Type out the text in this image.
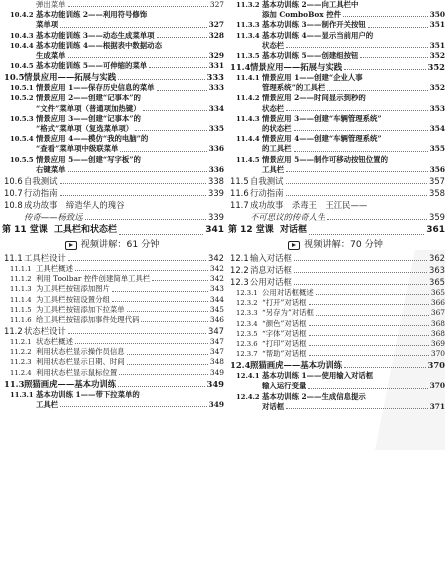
弹出菜单	327
10.4.2 基本功能训练 2——利用符号修饰
菜单项	327
10.4.3 基本功能训练 3——动态生成菜单项	328
10.4.4 基本功能训练 4——根据表中数据动态
生成菜单	329
10.4.5 基本功能训练 5——可伸缩的菜单	331
10.5 情景应用——拓展与实践	333
10.5.1 情景应用 1——保存历史信息的菜单	333
10.5.2 情景应用 2——创建“记事本”的
“文件”菜单项（普通项加热键）	334
10.5.3 情景应用 3——创建“记事本”的
“格式”菜单项（复选菜单项）	335
10.5.4 情景应用 4——模仿“我的电脑”的
“查看”菜单项中级联菜单	336
10.5.5 情景应用 5——创建“写字板”的
右键菜单	336
10.6 自我测试	338
10.7 行动指南	339
10.8 成功故事　缔造华人的瑰谷
传奇——杨致远	339
第 11 堂课 工具栏和状态栏	341
视频讲解：61 分钟
11.1 工具栏设计	342
11.1.1 工具栏概述	342
11.1.2 利用 Toolbar 控件创建简单工具栏	342
11.1.3 为工具栏按钮添加图片	343
11.1.4 为工具栏按钮设置分组	344
11.1.5 为工具栏按钮添加下拉菜单	345
11.1.6 给工具栏按钮添加事件处理代码	346
11.2 状态栏设计	347
11.2.1 状态栏概述	347
11.2.2 利用状态栏显示操作员信息	347
11.2.3 利用状态栏显示日期、时间	348
11.2.4 利用状态栏显示鼠标位置	349
11.3 照猫画虎——基本功训练	349
11.3.1 基本功训练 1——带下拉菜单的
工具栏	349
11.3.2 基本功训练 2——向工具栏中
添加 ComboBox 控件	350
11.3.3 基本功训练 3——制作开关按钮	351
11.3.4 基本功训练 4——显示当前用户的
状态栏	351
11.3.5 基本功训练 5——创建组按钮	352
11.4 情景应用——拓展与实践	352
11.4.1 情景应用 1——创建“企业人事
管理系统”的工具栏	352
11.4.2 情景应用 2——时间显示到秒的
状态栏	353
11.4.3 情景应用 3——创建“车辆管理系统”
的状态栏	354
11.4.4 情景应用 4——创建“车辆管理系统”
的工具栏	355
11.4.5 情景应用 5——制作可移动按钮位置的
工具栏	356
11.5 自我测试	357
11.6 行动指南	358
11.7 成功故事　杀毒王　王江民——
不可思议的传奇人生	359
第 12 堂课 对话框	361
视频讲解：70 分钟
12.1 输入对话框	362
12.2 消息对话框	363
12.3 公用对话框	365
12.3.1 公用对话框概述	365
12.3.2 “打开”对话框	366
12.3.3 “另存为”对话框	367
12.3.4 “颜色”对话框	368
12.3.5 “字体”对话框	368
12.3.6 “打印”对话框	369
12.3.7 “帮助”对话框	370
12.4 照猫画虎——基本功训练	370
12.4.1 基本功训练 1——使用输入对话框
输入运行变量	370
12.4.2 基本功训练 2——生成信息提示
对话框	371
